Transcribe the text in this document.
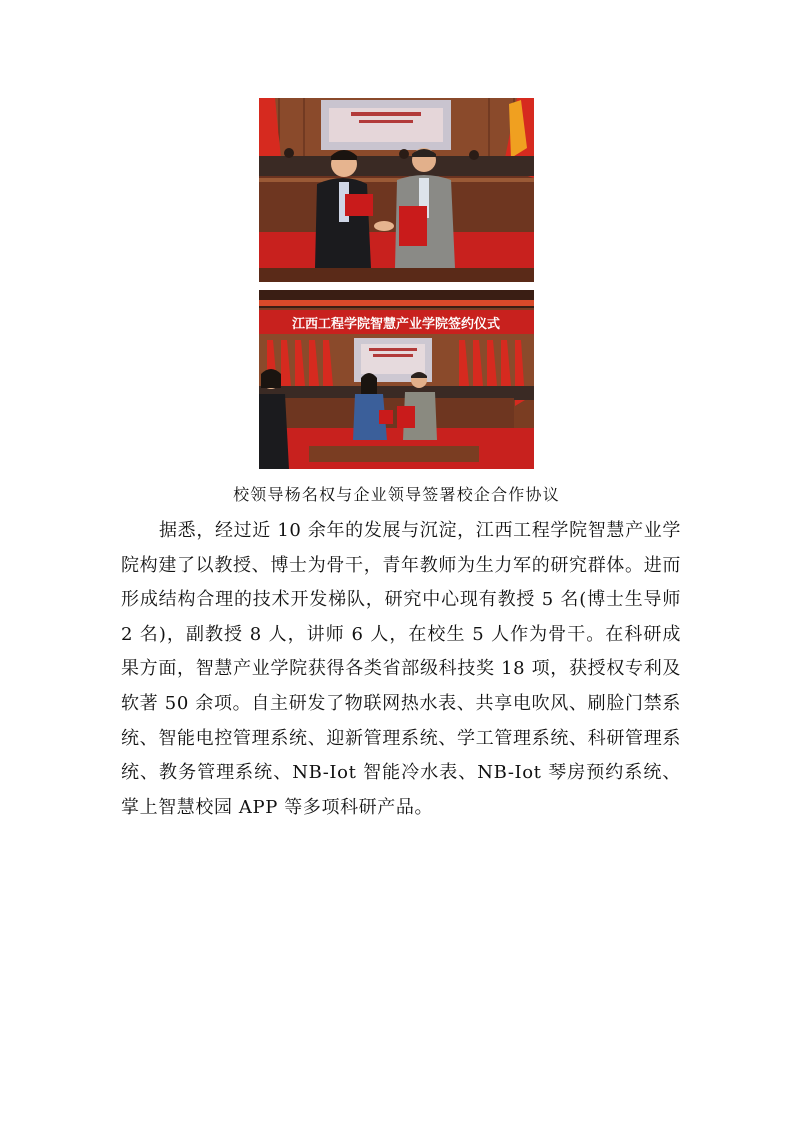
江西工程学院智慧产业学院签约仪式
校领导杨名权与企业领导签署校企合作协议

据悉，经过近 10 余年的发展与沉淀，江西工程学院智慧产业学院构建了以教授、博士为骨干，青年教师为生力军的研究群体。进而形成结构合理的技术开发梯队，研究中心现有教授 5 名(博士生导师 2 名)，副教授 8 人，讲师 6 人，在校生 5 人作为骨干。在科研成果方面，智慧产业学院获得各类省部级科技奖 18 项，获授权专利及软著 50 余项。自主研发了物联网热水表、共享电吹风、刷脸门禁系统、智能电控管理系统、迎新管理系统、学工管理系统、科研管理系统、教务管理系统、NB-Iot 智能冷水表、NB-Iot 琴房预约系统、掌上智慧校园 APP 等多项科研产品。
